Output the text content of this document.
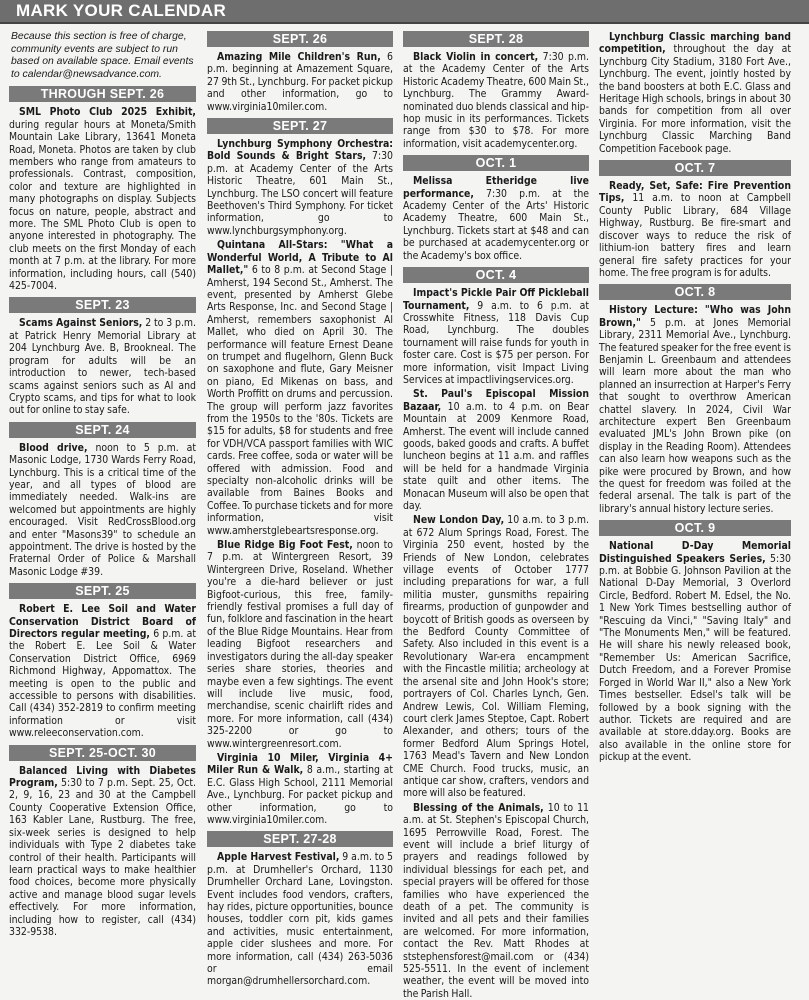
MARK YOUR CALENDAR
Because this section is free of charge, community events are subject to run based on available space. Email events to calendar@newsadvance.com.
THROUGH SEPT. 26

SML Photo Club 2025 Exhibit, during regular hours at Moneta/Smith Mountain Lake Library, 13641 Moneta Road, Moneta. Photos are taken by club members who range from amateurs to professionals. Contrast, composition, color and texture are highlighted in many photographs on display. Subjects focus on nature, people, abstract and more. The SML Photo Club is open to anyone interested in photography. The club meets on the first Monday of each month at 7 p.m. at the library. For more information, including hours, call (540) 425-7004.

SEPT. 23

Scams Against Seniors, 2 to 3 p.m. at Patrick Henry Memorial Library at 204 Lynchburg Ave. B, Brookneal. The program for adults will be an introduction to newer, tech-based scams against seniors such as AI and Crypto scams, and tips for what to look out for online to stay safe.

SEPT. 24

Blood drive, noon to 5 p.m. at Masonic Lodge, 1730 Wards Ferry Road, Lynchburg. This is a critical time of the year, and all types of blood are immediately needed. Walk-ins are welcomed but appointments are highly encouraged. Visit RedCrossBlood.org and enter "Masons39" to schedule an appointment. The drive is hosted by the Fraternal Order of Police & Marshall Masonic Lodge #39.

SEPT. 25

Robert E. Lee Soil and Water Conservation District Board of Directors regular meeting, 6 p.m. at the Robert E. Lee Soil & Water Conservation District Office, 6969 Richmond Highway, Appomattox. The meeting is open to the public and accessible to persons with disabilities. Call (434) 352-2819 to confirm meeting information or visit www.releeconservation.com.

SEPT. 25-OCT. 30

Balanced Living with Diabetes Program, 5:30 to 7 p.m. Sept. 25, Oct. 2, 9, 16, 23 and 30 at the Campbell County Cooperative Extension Office, 163 Kabler Lane, Rustburg. The free, six-week series is designed to help individuals with Type 2 diabetes take control of their health. Participants will learn practical ways to make healthier food choices, become more physically active and manage blood sugar levels effectively. For more information, including how to register, call (434) 332-9538.

SEPT. 26

Amazing Mile Children's Run, 6 p.m. beginning at Amazement Square, 27 9th St., Lynchburg. For packet pickup and other information, go to www.virginia10miler.com.

SEPT. 27

Lynchburg Symphony Orchestra: Bold Sounds & Bright Stars, 7:30 p.m. at Academy Center of the Arts Historic Theatre, 601 Main St., Lynchburg. The LSO concert will feature Beethoven's Third Symphony. For ticket information, go to www.lynchburgsymphony.org.

Quintana All-Stars: "What a Wonderful World, A Tribute to Al Mallet," 6 to 8 p.m. at Second Stage | Amherst, 194 Second St., Amherst. The event, presented by Amherst Glebe Arts Response, Inc. and Second Stage | Amherst, remembers saxophonist Al Mallet, who died on April 30. The performance will feature Ernest Deane on trumpet and flugelhorn, Glenn Buck on saxophone and flute, Gary Meisner on piano, Ed Mikenas on bass, and Worth Proffitt on drums and percussion. The group will perform jazz favorites from the 1950s to the '80s. Tickets are $15 for adults, $8 for students and free for VDH/VCA passport families with WIC cards. Free coffee, soda or water will be offered with admission. Food and specialty non-alcoholic drinks will be available from Baines Books and Coffee. To purchase tickets and for more information, visit www.amherstglebeartsresponse.org.

Blue Ridge Big Foot Fest, noon to 7 p.m. at Wintergreen Resort, 39 Wintergreen Drive, Roseland. Whether you're a die-hard believer or just Bigfoot-curious, this free, family-friendly festival promises a full day of fun, folklore and fascination in the heart of the Blue Ridge Mountains. Hear from leading Bigfoot researchers and investigators during the all-day speaker series share stories, theories and maybe even a few sightings. The event will include live music, food, merchandise, scenic chairlift rides and more. For more information, call (434) 325-2200 or go to www.wintergreenresort.com.

Virginia 10 Miler, Virginia 4+ Miler Run & Walk, 8 a.m., starting at E.C. Glass High School, 2111 Memorial Ave., Lynchburg. For packet pickup and other information, go to www.virginia10miler.com.

SEPT. 27-28

Apple Harvest Festival, 9 a.m. to 5 p.m. at Drumheller's Orchard, 1130 Drumheller Orchard Lane, Lovingston. Event includes food vendors, crafters, hay rides, picture opportunities, bounce houses, toddler corn pit, kids games and activities, music entertainment, apple cider slushees and more. For more information, call (434) 263-5036 or email morgan@drumhellersorchard.com.

SEPT. 28

Black Violin in concert, 7:30 p.m. at the Academy Center of the Arts Historic Academy Theatre, 600 Main St., Lynchburg. The Grammy Award-nominated duo blends classical and hip-hop music in its performances. Tickets range from $30 to $78. For more information, visit academycenter.org.

OCT. 1

Melissa Etheridge live performance, 7:30 p.m. at the Academy Center of the Arts' Historic Academy Theatre, 600 Main St., Lynchburg. Tickets start at $48 and can be purchased at academycenter.org or the Academy's box office.

OCT. 4

Impact's Pickle Pair Off Pickleball Tournament, 9 a.m. to 6 p.m. at Crosswhite Fitness, 118 Davis Cup Road, Lynchburg. The doubles tournament will raise funds for youth in foster care. Cost is $75 per person. For more information, visit Impact Living Services at impactlivingservices.org.

St. Paul's Episcopal Mission Bazaar, 10 a.m. to 4 p.m. on Bear Mountain at 2009 Kenmore Road, Amherst. The event will include canned goods, baked goods and crafts. A buffet luncheon begins at 11 a.m. and raffles will be held for a handmade Virginia state quilt and other items. The Monacan Museum will also be open that day.

New London Day, 10 a.m. to 3 p.m. at 672 Alum Springs Road, Forest. The Virginia 250 event, hosted by the Friends of New London, celebrates village events of October 1777 including preparations for war, a full militia muster, gunsmiths repairing firearms, production of gunpowder and boycott of British goods as overseen by the Bedford County Committee of Safety. Also included in this event is a Revolutionary War-era encampment with the Fincastle militia; archeology at the arsenal site and John Hook's store; portrayers of Col. Charles Lynch, Gen. Andrew Lewis, Col. William Fleming, court clerk James Steptoe, Capt. Robert Alexander, and others; tours of the former Bedford Alum Springs Hotel, 1763 Mead's Tavern and New London CME Church. Food trucks, music, an antique car show, crafters, vendors and more will also be featured.

Blessing of the Animals, 10 to 11 a.m. at St. Stephen's Episcopal Church, 1695 Perrowville Road, Forest. The event will include a brief liturgy of prayers and readings followed by individual blessings for each pet, and special prayers will be offered for those families who have experienced the death of a pet. The community is invited and all pets and their families are welcomed. For more information, contact the Rev. Matt Rhodes at ststephensforest@mail.com or (434) 525-5511. In the event of inclement weather, the event will be moved into the Parish Hall.

Lynchburg Classic marching band competition, throughout the day at Lynchburg City Stadium, 3180 Fort Ave., Lynchburg. The event, jointly hosted by the band boosters at both E.C. Glass and Heritage High schools, brings in about 30 bands for competition from all over Virginia. For more information, visit the Lynchburg Classic Marching Band Competition Facebook page.

OCT. 7

Ready, Set, Safe: Fire Prevention Tips, 11 a.m. to noon at Campbell County Public Library, 684 Village Highway, Rustburg. Be fire-smart and discover ways to reduce the risk of lithium-ion battery fires and learn general fire safety practices for your home. The free program is for adults.

OCT. 8

History Lecture: "Who was John Brown," 5 p.m. at Jones Memorial Library, 2311 Memorial Ave., Lynchburg. The featured speaker for the free event is Benjamin L. Greenbaum and attendees will learn more about the man who planned an insurrection at Harper's Ferry that sought to overthrow American chattel slavery. In 2024, Civil War architecture expert Ben Greenbaum evaluated JML's John Brown pike (on display in the Reading Room). Attendees can also learn how weapons such as the pike were procured by Brown, and how the quest for freedom was foiled at the federal arsenal. The talk is part of the library's annual history lecture series.

OCT. 9

National D-Day Memorial Distinguished Speakers Series, 5:30 p.m. at Bobbie G. Johnson Pavilion at the National D-Day Memorial, 3 Overlord Circle, Bedford. Robert M. Edsel, the No. 1 New York Times bestselling author of "Rescuing da Vinci," "Saving Italy" and "The Monuments Men," will be featured. He will share his newly released book, "Remember Us: American Sacrifice, Dutch Freedom, and a Forever Promise Forged in World War II," also a New York Times bestseller. Edsel's talk will be followed by a book signing with the author. Tickets are required and are available at store.dday.org. Books are also available in the online store for pickup at the event.
